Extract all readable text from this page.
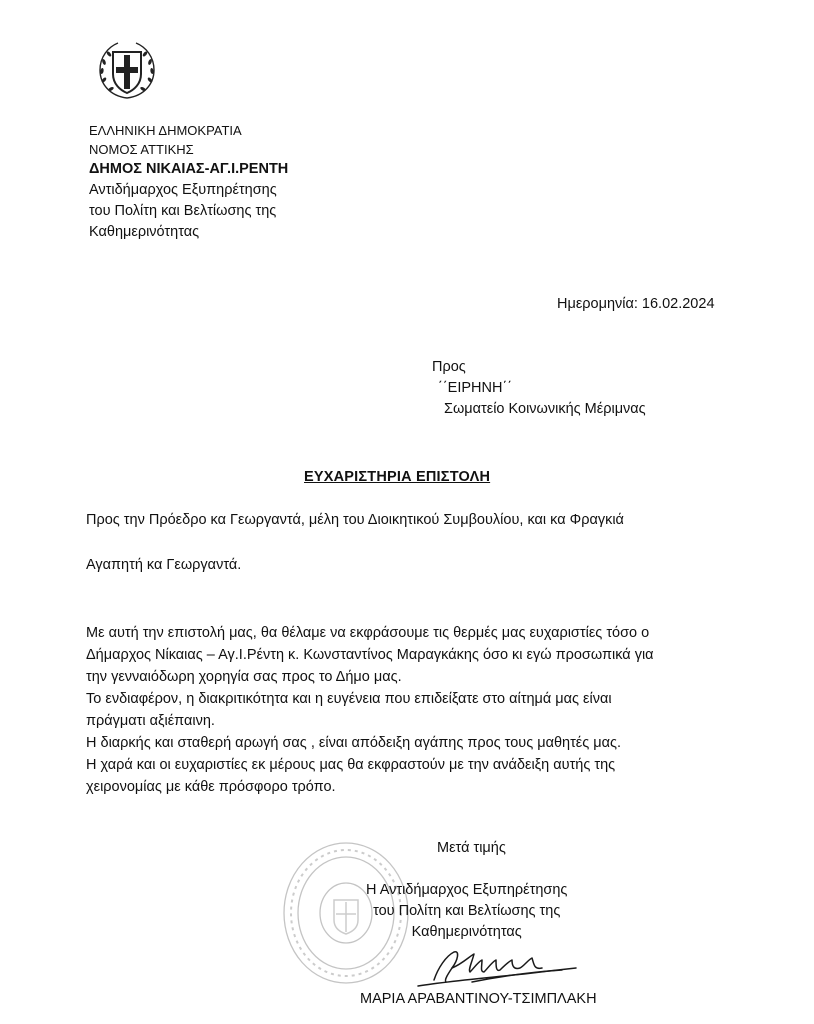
ΕΛΛΗΝΙΚΗ ΔΗΜΟΚΡΑΤΙΑ
ΝΟΜΟΣ ΑΤΤΙΚΗΣ
ΔΗΜΟΣ ΝΙΚΑΙΑΣ-ΑΓ.Ι.ΡΕΝΤΗ
Αντιδήμαρχος Εξυπηρέτησης
του Πολίτη και Βελτίωσης της
Καθημερινότητας
Ημερομηνία: 16.02.2024
Προς
΄΄ΕΙΡΗΝΗ΄΄
Σωματείο Κοινωνικής Μέριμνας
ΕΥΧΑΡΙΣΤΗΡΙΑ ΕΠΙΣΤΟΛΗ
Προς την Πρόεδρο κα Γεωργαντά, μέλη του Διοικητικού Συμβουλίου, και κα Φραγκιά
Αγαπητή κα Γεωργαντά.
Με αυτή την επιστολή μας, θα θέλαμε να εκφράσουμε τις θερμές μας ευχαριστίες τόσο ο
Δήμαρχος Νίκαιας – Αγ.Ι.Ρέντη κ. Κωνσταντίνος Μαραγκάκης όσο κι εγώ προσωπικά για
την γενναιόδωρη χορηγία σας προς το Δήμο μας.
Το ενδιαφέρον, η διακριτικότητα και η ευγένεια που επιδείξατε στο αίτημά μας είναι
πράγματι αξιέπαινη.
Η διαρκής και σταθερή αρωγή σας , είναι απόδειξη αγάπης προς τους μαθητές μας.
Η χαρά και οι ευχαριστίες εκ μέρους μας θα εκφραστούν με την ανάδειξη αυτής της
χειρονομίας με κάθε πρόσφορο τρόπο.
Μετά τιμής
Η Αντιδήμαρχος Εξυπηρέτησης
του Πολίτη και Βελτίωσης της
Καθημερινότητας
ΜΑΡΙΑ ΑΡΑΒΑΝΤΙΝΟΥ-ΤΣΙΜΠΛΑΚΗ
